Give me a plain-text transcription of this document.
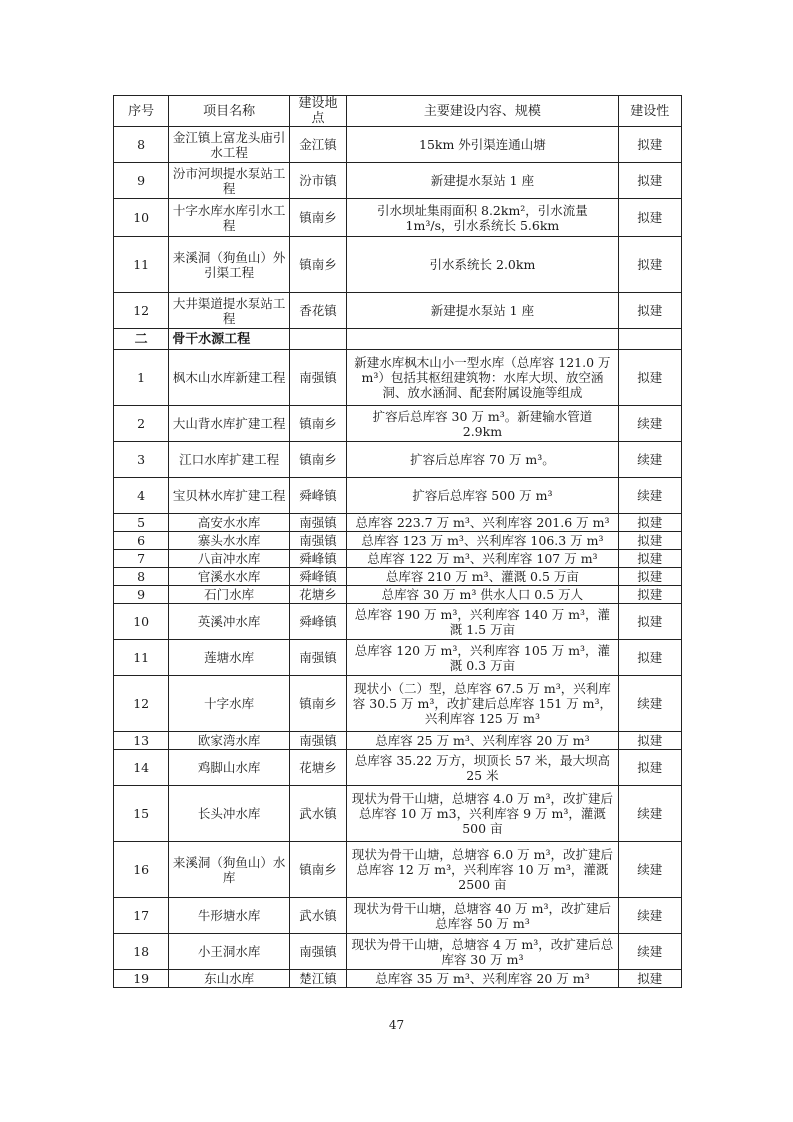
序号	项目名称	建设地点	主要建设内容、规模	建设性
8	金江镇上富龙头庙引水工程	金江镇	15km 外引渠连通山塘	拟建
9	汾市河坝提水泵站工程	汾市镇	新建提水泵站 1 座	拟建
10	十字水库水库引水工程	镇南乡	引水坝址集雨面积 8.2km²，引水流量 1m³/s，引水系统长 5.6km	拟建
11	来溪洞（狗鱼山）外引渠工程	镇南乡	引水系统长 2.0km	拟建
12	大井渠道提水泵站工程	香花镇	新建提水泵站 1 座	拟建
二	骨干水源工程			
1	枫木山水库新建工程	南强镇	新建水库枫木山小一型水库（总库容 121.0 万 m³）包括其枢纽建筑物：水库大坝、放空涵洞、放水涵洞、配套附属设施等组成	拟建
2	大山背水库扩建工程	镇南乡	扩容后总库容 30 万 m³。新建输水管道 2.9km	续建
3	江口水库扩建工程	镇南乡	扩容后总库容 70 万 m³。	续建
4	宝贝林水库扩建工程	舜峰镇	扩容后总库容 500 万 m³	续建
5	高安水水库	南强镇	总库容 223.7 万 m³、兴利库容 201.6 万 m³	拟建
6	寨头水水库	南强镇	总库容 123 万 m³、兴利库容 106.3 万 m³	拟建
7	八亩冲水库	舜峰镇	总库容 122 万 m³、兴利库容 107 万 m³	拟建
8	官溪水水库	舜峰镇	总库容 210 万 m³、灌溉 0.5 万亩	拟建
9	石门水库	花塘乡	总库容 30 万 m³ 供水人口 0.5 万人	拟建
10	英溪冲水库	舜峰镇	总库容 190 万 m³，兴利库容 140 万 m³，灌溉 1.5 万亩	拟建
11	莲塘水库	南强镇	总库容 120 万 m³，兴利库容 105 万 m³，灌溉 0.3 万亩	拟建
12	十字水库	镇南乡	现状小（二）型，总库容 67.5 万 m³，兴利库容 30.5 万 m³，改扩建后总库容 151 万 m³，兴利库容 125 万 m³	续建
13	欧家湾水库	南强镇	总库容 25 万 m³、兴利库容 20 万 m³	拟建
14	鸡脚山水库	花塘乡	总库容 35.22 万方，坝顶长 57 米，最大坝高 25 米	拟建
15	长头冲水库	武水镇	现状为骨干山塘，总塘容 4.0 万 m³，改扩建后总库容 10 万 m3，兴利库容 9 万 m³，灌溉 500 亩	续建
16	来溪洞（狗鱼山）水库	镇南乡	现状为骨干山塘，总塘容 6.0 万 m³，改扩建后总库容 12 万 m³，兴利库容 10 万 m³，灌溉 2500 亩	续建
17	牛形塘水库	武水镇	现状为骨干山塘，总塘容 40 万 m³，改扩建后总库容 50 万 m³	续建
18	小王洞水库	南强镇	现状为骨干山塘，总塘容 4 万 m³，改扩建后总库容 30 万 m³	续建
19	东山水库	楚江镇	总库容 35 万 m³、兴利库容 20 万 m³	拟建
47
